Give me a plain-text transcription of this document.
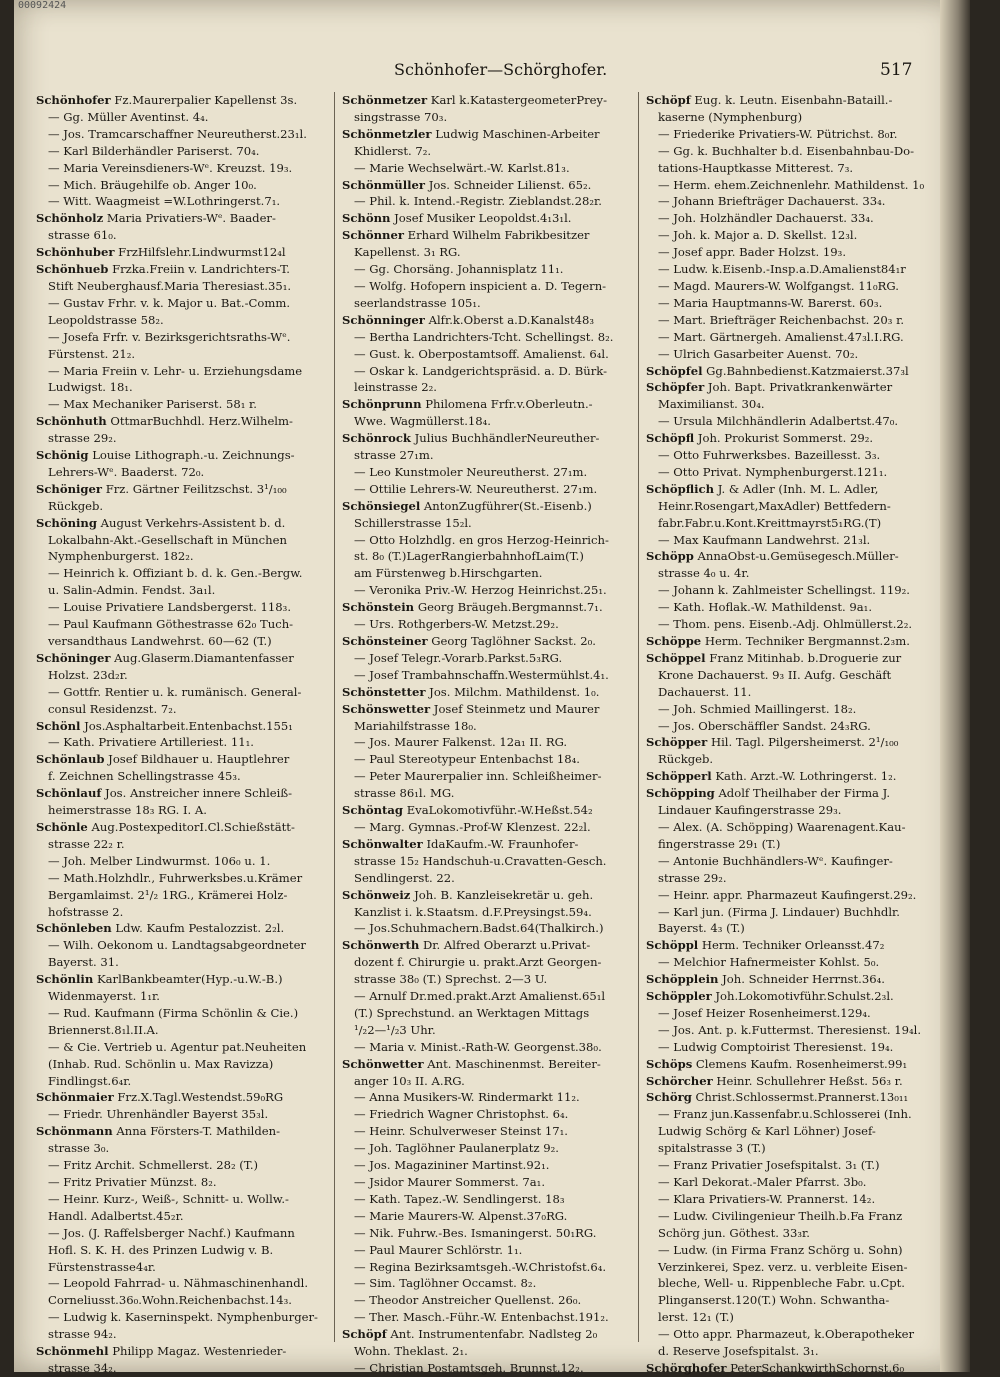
00092424
Schönhofer—Schörghofer.	517
Schönhofer Fz.Maurerpalier Kapellenst 3s.
— Gg. Müller Aventinst. 4₄.
— Jos. Tramcarschaffner Neureutherst.23₁l.
— Karl Bilderhändler Pariserst. 70₄.
— Maria Vereinsdieners-Wᵉ. Kreuzst. 19₃.
— Mich. Bräugehilfe ob. Anger 10₀.
— Witt. Waagmeist =W.Lothringerst.7₁.
Schönholz Maria Privatiers-Wᵉ. Baader-
strasse 61₀.
Schönhuber FrzHilfslehr.Lindwurmst12₄l
Schönhueb Frzka.Freiin v. Landrichters-T.
Stift Neuberghausf.Maria Theresiast.35₁.
— Gustav Frhr. v. k. Major u. Bat.-Comm.
Leopoldstrasse 58₂.
— Josefa Frfr. v. Bezirksgerichtsraths-Wᵉ.
Fürstenst. 21₂.
— Maria Freiin v. Lehr- u. Erziehungsdame
Ludwigst. 18₁.
— Max Mechaniker Pariserst. 58₁ r.
Schönhuth OttmarBuchhdl. Herz.Wilhelm-
strasse 29₂.
Schönig Louise Lithograph.-u. Zeichnungs-
Lehrers-Wᵉ. Baaderst. 72₀.
Schöniger Frz. Gärtner Feilitzschst. 3¹/₁₀₀
Rückgeb.
Schöning August Verkehrs-Assistent b. d.
Lokalbahn-Akt.-Gesellschaft in München
Nymphenburgerst. 182₂.
— Heinrich k. Offiziant b. d. k. Gen.-Bergw.
u. Salin-Admin. Fendst. 3a₁l.
— Louise Privatiere Landsbergerst. 118₃.
— Paul Kaufmann Göthestrasse 62₀ Tuch-
versandthaus Landwehrst. 60—62 (T.)
Schöninger Aug.Glaserm.Diamantenfasser
Holzst. 23d₂r.
— Gottfr. Rentier u. k. rumänisch. General-
consul Residenzst. 7₂.
Schönl Jos.Asphaltarbeit.Entenbachst.155₁
— Kath. Privatiere Artilleriest. 11₁.
Schönlaub Josef Bildhauer u. Hauptlehrer
f. Zeichnen Schellingstrasse 45₃.
Schönlauf Jos. Anstreicher innere Schleiß-
heimerstrasse 18₃ RG. I. A.
Schönle Aug.PostexpeditorI.Cl.Schießstätt-
strasse 22₂ r.
— Joh. Melber Lindwurmst. 106₀ u. 1.
— Math.Holzhdlr., Fuhrwerksbes.u.Krämer
Bergamlaimst. 2¹/₂ 1RG., Krämerei Holz-
hofstrasse 2.
Schönleben Ldw. Kaufm Pestalozzist. 2₂l.
— Wilh. Oekonom u. Landtagsabgeordneter
Bayerst. 31.
Schönlin KarlBankbeamter(Hyp.-u.W.-B.)
Widenmayerst. 1₁r.
— Rud. Kaufmann (Firma Schönlin & Cie.)
Briennerst.8₁l.II.A.
— & Cie. Vertrieb u. Agentur pat.Neuheiten
(Inhab. Rud. Schönlin u. Max Ravizza)
Findlingst.6₄r.
Schönmaier Frz.X.Tagl.Westendst.59₀RG
— Friedr. Uhrenhändler Bayerst 35₃l.
Schönmann Anna Försters-T. Mathilden-
strasse 3₀.
— Fritz Archit. Schmellerst. 28₂ (T.)
— Fritz Privatier Münzst. 8₂.
— Heinr. Kurz-, Weiß-, Schnitt- u. Wollw.-
Handl. Adalbertst.45₂r.
— Jos. (J. Raffelsberger Nachf.) Kaufmann
Hofl. S. K. H. des Prinzen Ludwig v. B.
Fürstenstrasse4₄r.
— Leopold Fahrrad- u. Nähmaschinenhandl.
Corneliusst.36₀.Wohn.Reichenbachst.14₃.
— Ludwig k. Kaserninspekt. Nymphenburger-
strasse 94₂.
Schönmehl Philipp Magaz. Westenrieder-
strasse 34₂.
Schönmetzer Karl k.KatastergeometerPrey-
singstrasse 70₃.
Schönmetzler Ludwig Maschinen-Arbeiter
Khidlerst. 7₂.
— Marie Wechselwärt.-W. Karlst.81₃.
Schönmüller Jos. Schneider Lilienst. 65₂.
— Phil. k. Intend.-Registr. Zieblandst.28₂r.
Schönn Josef Musiker Leopoldst.4₁3₁l.
Schönner Erhard Wilhelm Fabrikbesitzer
Kapellenst. 3₁ RG.
— Gg. Chorsäng. Johannisplatz 11₁.
— Wolfg. Hofopern inspicient a. D. Tegern-
seerlandstrasse 105₁.
Schönninger Alfr.k.Oberst a.D.Kanalst48₃
— Bertha Landrichters-Tcht. Schellingst. 8₂.
— Gust. k. Oberpostamtsoff. Amalienst. 6₄l.
— Oskar k. Landgerichtspräsid. a. D. Bürk-
leinstrasse 2₂.
Schönprunn Philomena Frfr.v.Oberleutn.-
Wwe. Wagmüllerst.18₄.
Schönrock Julius BuchhändlerNeureuther-
strasse 27₁m.
— Leo Kunstmoler Neureutherst. 27₁m.
— Ottilie Lehrers-W. Neureutherst. 27₁m.
Schönsiegel AntonZugführer(St.-Eisenb.)
Schillerstrasse 15₂l.
— Otto Holzhdlg. en gros Herzog-Heinrich-
st. 8₀ (T.)LagerRangierbahnhofLaim(T.)
am Fürstenweg b.Hirschgarten.
— Veronika Priv.-W. Herzog Heinrichst.25₁.
Schönstein Georg Bräugeh.Bergmannst.7₁.
— Urs. Rothgerbers-W. Metzst.29₂.
Schönsteiner Georg Taglöhner Sackst. 2₀.
— Josef Telegr.-Vorarb.Parkst.5₃RG.
— Josef Trambahnschaffn.Westermühlst.4₁.
Schönstetter Jos. Milchm. Mathildenst. 1₀.
Schönswetter Josef Steinmetz und Maurer
Mariahilfstrasse 18₀.
— Jos. Maurer Falkenst. 12a₁ II. RG.
— Paul Stereotypeur Entenbachst 18₄.
— Peter Maurerpalier inn. Schleißheimer-
strasse 86₁l. MG.
Schöntag EvaLokomotivführ.-W.Heßst.54₂
— Marg. Gymnas.-Prof-W Klenzest. 22₂l.
Schönwalter IdaKaufm.-W. Fraunhofer-
strasse 15₂ Handschuh-u.Cravatten-Gesch.
Sendlingerst. 22.
Schönweiz Joh. B. Kanzleisekretär u. geh.
Kanzlist i. k.Staatsm. d.F.Preysingst.59₄.
— Jos.Schuhmachern.Badst.64(Thalkirch.)
Schönwerth Dr. Alfred Oberarzt u.Privat-
dozent f. Chirurgie u. prakt.Arzt Georgen-
strasse 38₀ (T.) Sprechst. 2—3 U.
— Arnulf Dr.med.prakt.Arzt Amalienst.65₁l
(T.) Sprechstund. an Werktagen Mittags
¹/₂2—¹/₂3 Uhr.
— Maria v. Minist.-Rath-W. Georgenst.38₀.
Schönwetter Ant. Maschinenmst. Bereiter-
anger 10₃ II. A.RG.
— Anna Musikers-W. Rindermarkt 11₂.
— Friedrich Wagner Christophst. 6₄.
— Heinr. Schulverweser Steinst 17₁.
— Joh. Taglöhner Paulanerplatz 9₂.
— Jos. Magazininer Martinst.92₁.
— Jsidor Maurer Sommerst. 7a₁.
— Kath. Tapez.-W. Sendlingerst. 18₃
— Marie Maurers-W. Alpenst.37₀RG.
— Nik. Fuhrw.-Bes. Ismaningerst. 50₁RG.
— Paul Maurer Schlörstr. 1₁.
— Regina Bezirksamtsgeh.-W.Christofst.6₄.
— Sim. Taglöhner Occamst. 8₂.
— Theodor Anstreicher Quellenst. 26₀.
— Ther. Masch.-Führ.-W. Entenbachst.191₂.
Schöpf Ant. Instrumentenfabr. Nadlsteg 2₀
Wohn. Theklast. 2₁.
— Christian Postamtsgeh. Brunnst.12₂.
Schöpf Eug. k. Leutn. Eisenbahn-Bataill.-
kaserne (Nymphenburg)
— Friederike Privatiers-W. Pütrichst. 8₀r.
— Gg. k. Buchhalter b.d. Eisenbahnbau-Do-
tations-Hauptkasse Mitterest. 7₃.
— Herm. ehem.Zeichnenlehr. Mathildenst. 1₀
— Johann Briefträger Dachauerst. 33₄.
— Joh. Holzhändler Dachauerst. 33₄.
— Joh. k. Major a. D. Skellst. 12₃l.
— Josef appr. Bader Holzst. 19₃.
— Ludw. k.Eisenb.-Insp.a.D.Amalienst84₁r
— Magd. Maurers-W. Wolfgangst. 11₀RG.
— Maria Hauptmanns-W. Barerst. 60₃.
— Mart. Briefträger Reichenbachst. 20₃ r.
— Mart. Gärtnergeh. Amalienst.47₃l.I.RG.
— Ulrich Gasarbeiter Auenst. 70₂.
Schöpfel Gg.Bahnbedienst.Katzmaierst.37₃l
Schöpfer Joh. Bapt. Privatkrankenwärter
Maximilianst. 30₄.
— Ursula Milchhändlerin Adalbertst.47₀.
Schöpfl Joh. Prokurist Sommerst. 29₂.
— Otto Fuhrwerksbes. Bazeillesst. 3₃.
— Otto Privat. Nymphenburgerst.121₁.
Schöpflich J. & Adler (Inh. M. L. Adler,
Heinr.Rosengart,MaxAdler) Bettfedern-
fabr.Fabr.u.Kont.Kreittmayrst5₁RG.(T)
— Max Kaufmann Landwehrst. 21₃l.
Schöpp AnnaObst-u.Gemüsegesch.Müller-
strasse 4₀ u. 4r.
— Johann k. Zahlmeister Schellingst. 119₂.
— Kath. Hoflak.-W. Mathildenst. 9a₁.
— Thom. pens. Eisenb.-Adj. Ohlmüllerst.2₂.
Schöppe Herm. Techniker Bergmannst.2₃m.
Schöppel Franz Mitinhab. b.Droguerie zur
Krone Dachauerst. 9₃ II. Aufg. Geschäft
Dachauerst. 11.
— Joh. Schmied Maillingerst. 18₂.
— Jos. Oberschäffler Sandst. 24₃RG.
Schöpper Hil. Tagl. Pilgersheimerst. 2¹/₁₀₀
Rückgeb.
Schöpperl Kath. Arzt.-W. Lothringerst. 1₂.
Schöpping Adolf Theilhaber der Firma J.
Lindauer Kaufingerstrasse 29₃.
— Alex. (A. Schöpping) Waarenagent.Kau-
fingerstrasse 29₁ (T.)
— Antonie Buchhändlers-Wᵉ. Kaufinger-
strasse 29₂.
— Heinr. appr. Pharmazeut Kaufingerst.29₂.
— Karl jun. (Firma J. Lindauer) Buchhdlr.
Bayerst. 4₃ (T.)
Schöppl Herm. Techniker Orleansst.47₂
— Melchior Hafnermeister Kohlst. 5₀.
Schöpplein Joh. Schneider Herrnst.36₄.
Schöppler Joh.Lokomotivführ.Schulst.2₃l.
— Josef Heizer Rosenheimerst.129₄.
— Jos. Ant. p. k.Futtermst. Theresienst. 19₄l.
— Ludwig Comptoirist Theresienst. 19₄.
Schöps Clemens Kaufm. Rosenheimerst.99₁
Schörcher Heinr. Schullehrer Heßst. 56₃ r.
Schörg Christ.Schlossermst.Prannerst.13₀₁₁
— Franz jun.Kassenfabr.u.Schlosserei (Inh.
Ludwig Schörg & Karl Löhner) Josef-
spitalstrasse 3 (T.)
— Franz Privatier Josefspitalst. 3₁ (T.)
— Karl Dekorat.-Maler Pfarrst. 3b₀.
— Klara Privatiers-W. Prannerst. 14₂.
— Ludw. Civilingenieur Theilh.b.Fa Franz
Schörg jun. Göthest. 33₃r.
— Ludw. (in Firma Franz Schörg u. Sohn)
Verzinkerei, Spez. verz. u. verbleite Eisen-
bleche, Well- u. Rippenbleche Fabr. u.Cpt.
Plinganserst.120(T.) Wohn. Schwantha-
lerst. 12₁ (T.)
— Otto appr. Pharmazeut, k.Oberapotheker
d. Reserve Josefspitalst. 3₁.
Schörghofer PeterSchankwirthSchornst.6₀
